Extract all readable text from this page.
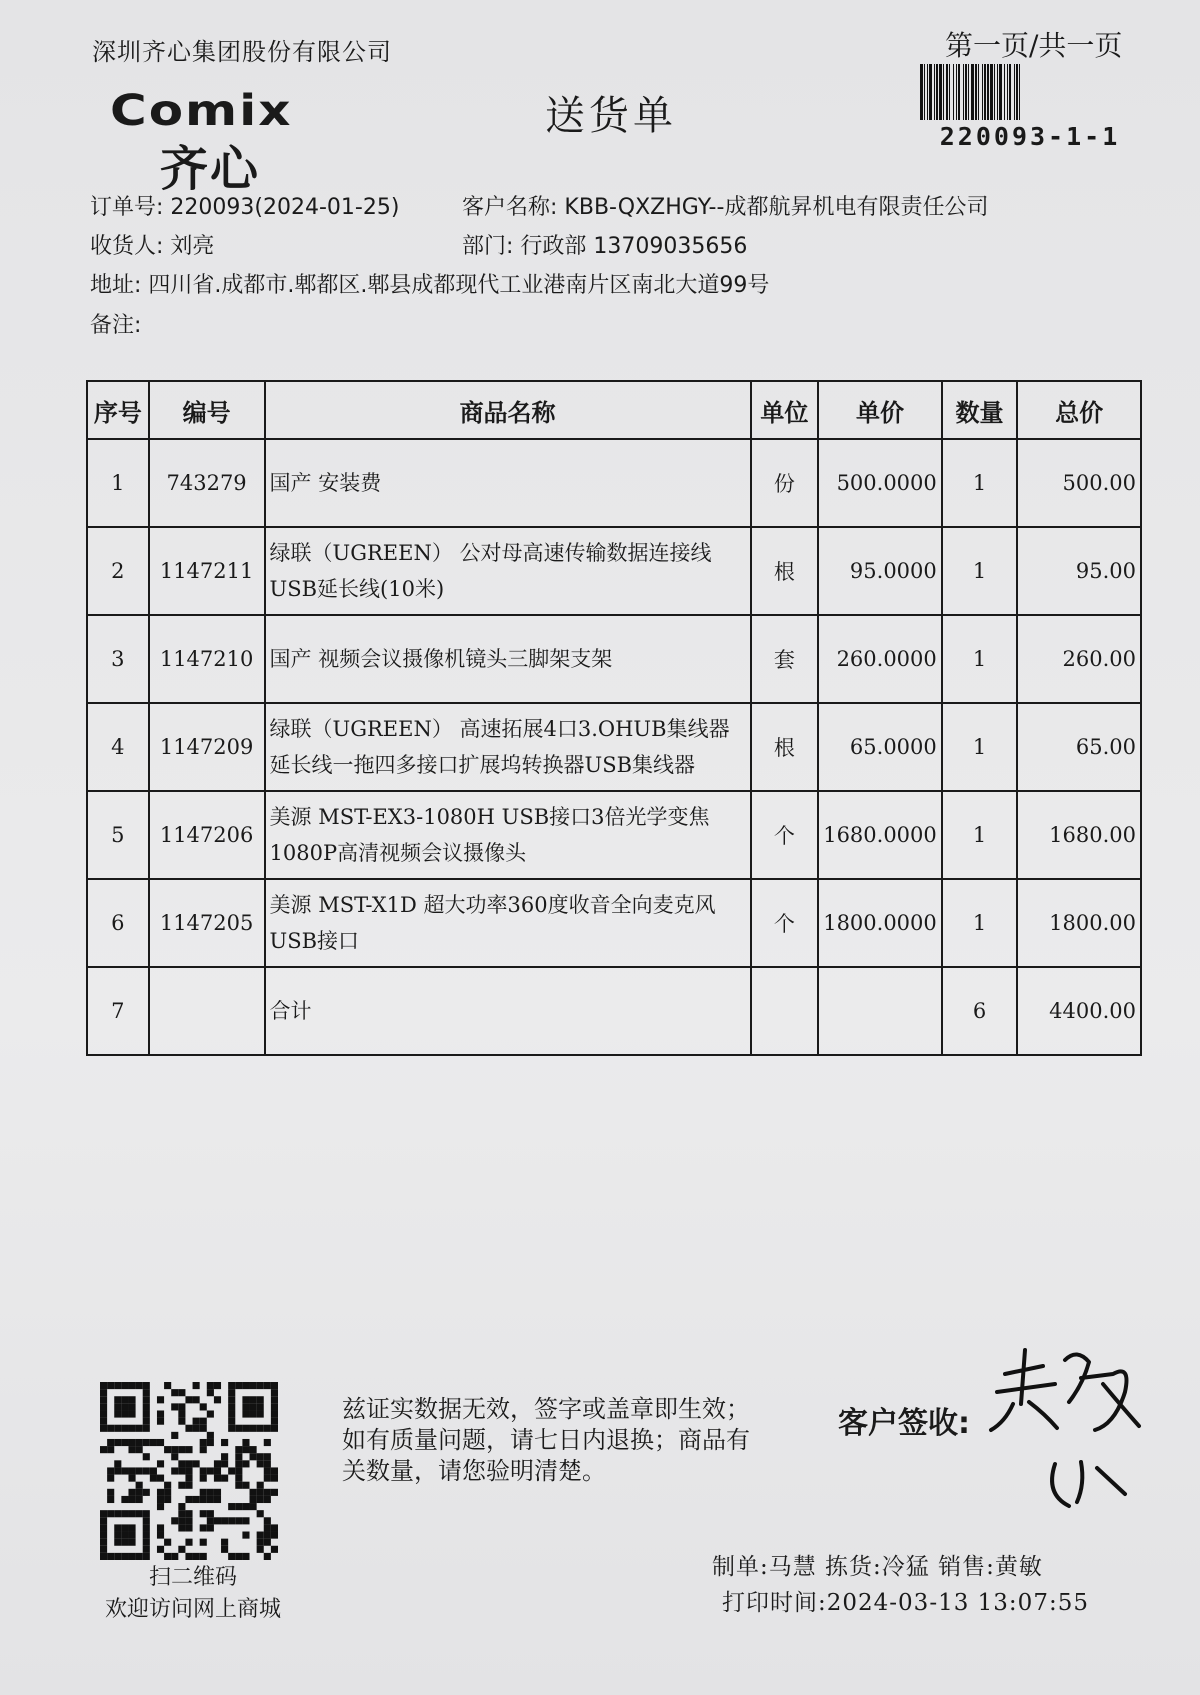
深圳齐心集团股份有限公司	第一页/共一页
220093-1-1
Comix
齐心
送货单
订单号: 220093(2024-01-25)	客户名称: KBB-QXZHGY--成都航昇机电有限责任公司
收货人: 刘亮	部门: 行政部 13709035656
地址: 四川省.成都市.郫都区.郫县成都现代工业港南片区南北大道99号
备注:
序号	编号	商品名称	单位	单价	数量	总价
1	743279	国产 安装费	份	500.0000	1	500.00
2	1147211	绿联（UGREEN） 公对母高速传输数据连接线
USB延长线(10米)	根	95.0000	1	95.00
3	1147210	国产 视频会议摄像机镜头三脚架支架	套	260.0000	1	260.00
4	1147209	绿联（UGREEN） 高速拓展4口3.OHUB集线器
延长线一拖四多接口扩展坞转换器USB集线器	根	65.0000	1	65.00
5	1147206	美源 MST-EX3-1080H USB接口3倍光学变焦
1080P高清视频会议摄像头	个	1680.0000	1	1680.00
6	1147205	美源 MST-X1D 超大功率360度收音全向麦克风
USB接口	个	1800.0000	1	1800.00
7		合计			6	4400.00
扫二维码
欢迎访问网上商城
兹证实数据无效，签字或盖章即生效；如有质量问题，请七日内退换；商品有关数量，请您验明清楚。
客户签收:
制单:马慧 拣货:冷猛 销售:黄敏
打印时间:2024-03-13 13:07:55
